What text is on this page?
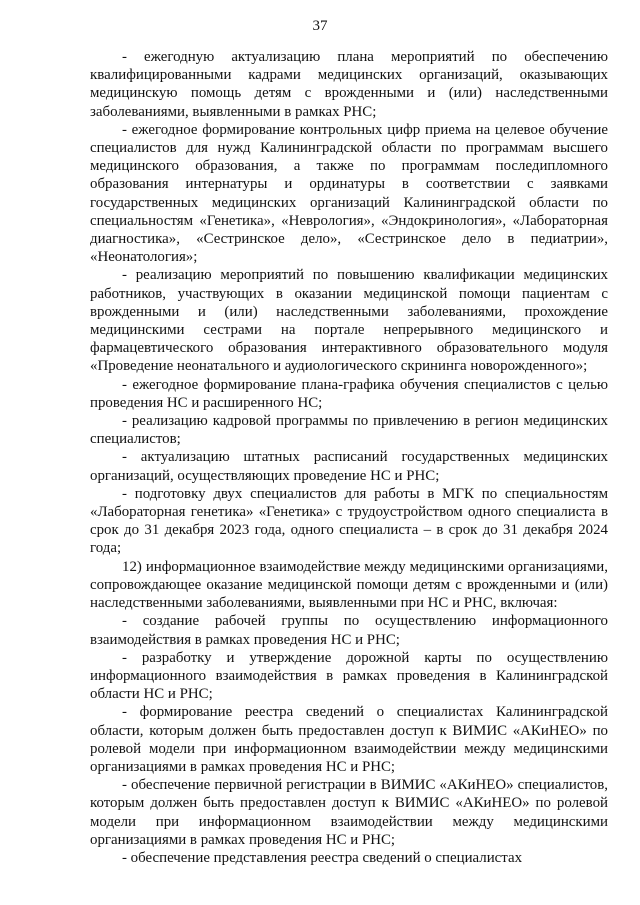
37

- ежегодную актуализацию плана мероприятий по обеспечению квалифицированными кадрами медицинских организаций, оказывающих медицинскую помощь детям с врожденными и (или) наследственными заболеваниями, выявленными в рамках РНС;

- ежегодное формирование контрольных цифр приема на целевое обучение специалистов для нужд Калининградской области по программам высшего медицинского образования, а также по программам последипломного образования интернатуры и ординатуры в соответствии с заявками государственных медицинских организаций Калининградской области по специальностям «Генетика», «Неврология», «Эндокринология», «Лабораторная диагностика», «Сестринское дело», «Сестринское дело в педиатрии», «Неонатология»;

- реализацию мероприятий по повышению квалификации медицинских работников, участвующих в оказании медицинской помощи пациентам с врожденными и (или) наследственными заболеваниями, прохождение медицинскими сестрами на портале непрерывного медицинского и фармацевтического образования интерактивного образовательного модуля «Проведение неонатального и аудиологического скрининга новорожденного»;

- ежегодное формирование плана-графика обучения специалистов с целью проведения НС и расширенного НС;

- реализацию кадровой программы по привлечению в регион медицинских специалистов;

- актуализацию штатных расписаний государственных медицинских организаций, осуществляющих проведение НС и РНС;

- подготовку двух специалистов для работы в МГК по специальностям «Лабораторная генетика» «Генетика» с трудоустройством одного специалиста в срок до 31 декабря 2023 года, одного специалиста – в срок до 31 декабря 2024 года;

12) информационное взаимодействие между медицинскими организациями, сопровождающее оказание медицинской помощи детям с врожденными и (или) наследственными заболеваниями, выявленными при НС и РНС, включая:

- создание рабочей группы по осуществлению информационного взаимодействия в рамках проведения НС и РНС;

- разработку и утверждение дорожной карты по осуществлению информационного взаимодействия в рамках проведения в Калининградской области НС и РНС;

- формирование реестра сведений о специалистах Калининградской области, которым должен быть предоставлен доступ к ВИМИС «АКиНЕО» по ролевой модели при информационном взаимодействии между медицинскими организациями в рамках проведения НС и РНС;

- обеспечение первичной регистрации в ВИМИС «АКиНЕО» специалистов, которым должен быть предоставлен доступ к ВИМИС «АКиНЕО» по ролевой модели при информационном взаимодействии между медицинскими организациями в рамках проведения НС и РНС;

- обеспечение представления реестра сведений о специалистах
